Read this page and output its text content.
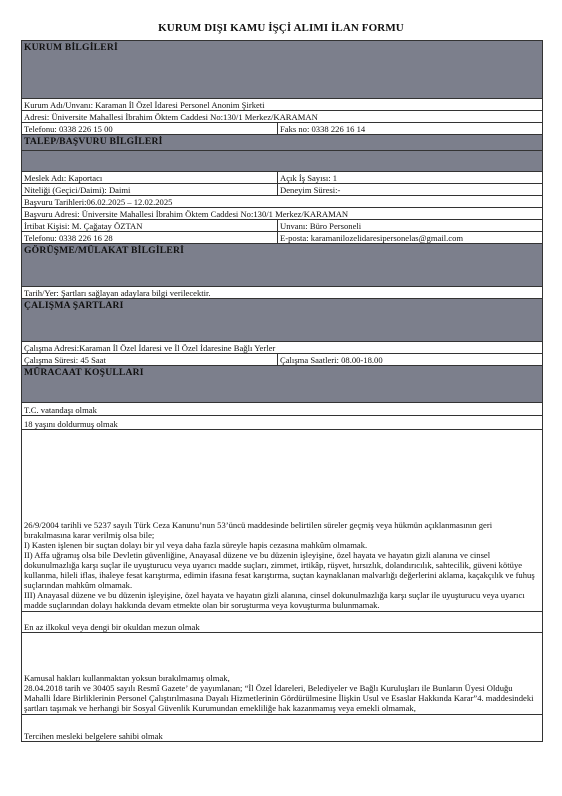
KURUM DIŞI KAMU İŞÇİ ALIMI İLAN FORMU
KURUM BİLGİLERİ	
Kurum Adı/Unvanı: Karaman İl Özel İdaresi Personel Anonim Şirketi	
Adresi: Üniversite Mahallesi İbrahim Öktem Caddesi No:130/1 Merkez/KARAMAN	
Telefonu: 0338 226 15 00	Faks no: 0338 226 16 14
TALEP/BAŞVURU BİLGİLERİ	

Meslek Adı: Kaportacı	Açık İş Sayısı: 1
Niteliği (Geçici/Daimi): Daimi	Deneyim Süresi:-
Başvuru Tarihleri:06.02.2025 – 12.02.2025	
Başvuru Adresi: Üniversite Mahallesi İbrahim Öktem Caddesi No:130/1 Merkez/KARAMAN	
İrtibat Kişisi: M. Çağatay ÖZTAN	Unvanı: Büro Personeli
Telefonu: 0338 226 16 28	E-posta: karamanilozelidaresipersonelas@gmail.com
GÖRÜŞME/MÜLAKAT BİLGİLERİ	
Tarih/Yer: Şartları sağlayan adaylara bilgi verilecektir.	
ÇALIŞMA ŞARTLARI	
Çalışma Adresi:Karaman İl Özel İdaresi ve İl Özel İdaresine Bağlı Yerler	
Çalışma Süresi: 45 Saat	Çalışma Saatleri: 08.00-18.00
MÜRACAAT KOŞULLARI	
T.C. vatandaşı olmak	
18 yaşını doldurmuş olmak	

26/9/2004 tarihli ve 5237 sayılı Türk Ceza Kanunu’nun 53’üncü maddesinde belirtilen süreler geçmiş veya hükmün açıklanmasının geri bırakılmasına karar verilmiş olsa bile;

I) Kasten işlenen bir suçtan dolayı bir yıl veya daha fazla süreyle hapis cezasına mahkûm olmamak.

II) Affa uğramış olsa bile Devletin güvenliğine, Anayasal düzene ve bu düzenin işleyişine, özel hayata ve hayatın gizli alanına ve cinsel dokunulmazlığa karşı suçlar ile uyuşturucu veya uyarıcı madde suçları, zimmet, irtikâp, rüşvet, hırsızlık, dolandırıcılık, sahtecilik, güveni kötüye kullanma, hileli iflas, ihaleye fesat karıştırma, edimin ifasına fesat karıştırma, suçtan kaynaklanan malvarlığı değerlerini aklama, kaçakçılık ve fuhuş suçlarından mahkûm olmamak.

III) Anayasal düzene ve bu düzenin işleyişine, özel hayata ve hayatın gizli alanına, cinsel dokunulmazlığa karşı suçlar ile uyuşturucu veya uyarıcı madde suçlarından dolayı hakkında devam etmekte olan bir soruşturma veya kovuşturma bulunmamak.	

En az ilkokul veya dengi bir okuldan mezun olmak	

Kamusal hakları kullanmaktan yoksun bırakılmamış olmak,

28.04.2018 tarih ve 30405 sayılı Resmî Gazete’ de yayımlanan; “İl Özel İdareleri, Belediyeler ve Bağlı Kuruluşları ile Bunların Üyesi Olduğu Mahalli İdare Birliklerinin Personel Çalıştırılmasına Dayalı Hizmetlerinin Gördürülmesine İlişkin Usul ve Esaslar Hakkında Karar”4. maddesindeki şartları taşımak ve herhangi bir Sosyal Güvenlik Kurumundan emekliliğe hak kazanmamış veya emekli olmamak,	

Tercihen mesleki belgelere sahibi olmak	
